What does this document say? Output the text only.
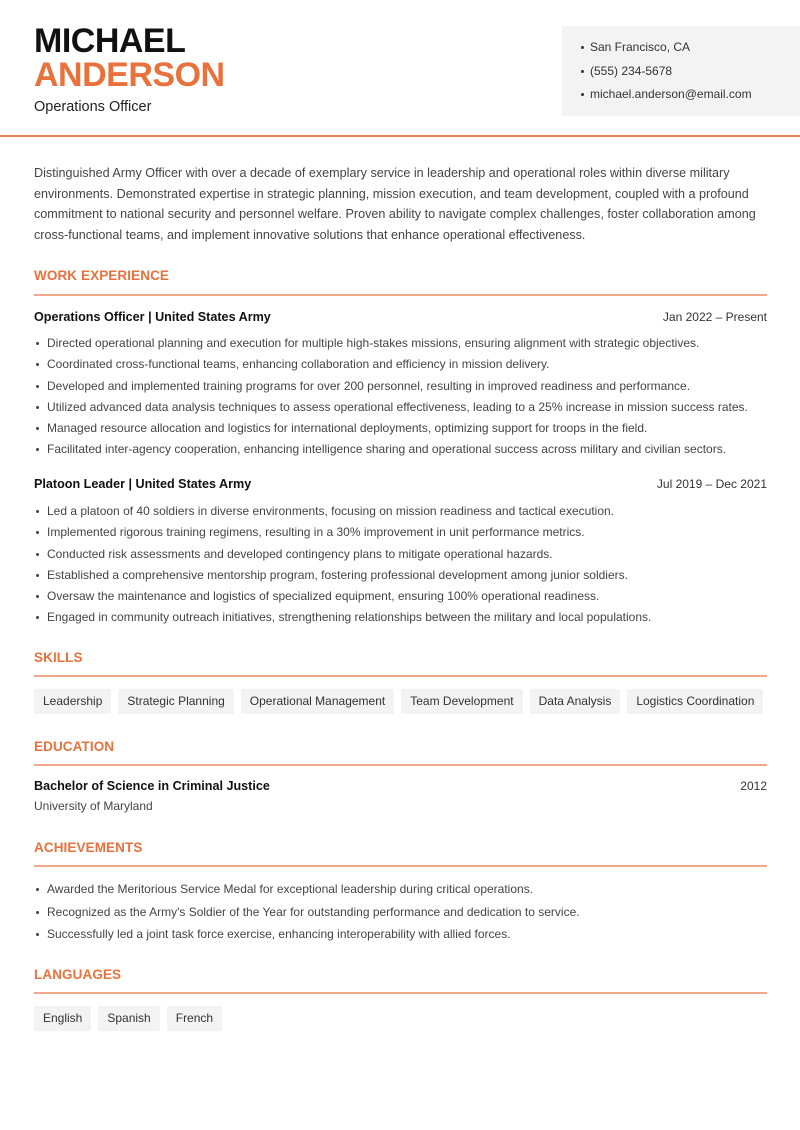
MICHAEL
ANDERSON
Operations Officer
San Francisco, CA
(555) 234-5678
michael.anderson@email.com

Distinguished Army Officer with over a decade of exemplary service in leadership and operational roles within diverse military environments. Demonstrated expertise in strategic planning, mission execution, and team development, coupled with a profound commitment to national security and personnel welfare. Proven ability to navigate complex challenges, foster collaboration among cross-functional teams, and implement innovative solutions that enhance operational effectiveness.

WORK EXPERIENCE
Operations Officer | United States Army	Jan 2022 – Present
Directed operational planning and execution for multiple high-stakes missions, ensuring alignment with strategic objectives.
Coordinated cross-functional teams, enhancing collaboration and efficiency in mission delivery.
Developed and implemented training programs for over 200 personnel, resulting in improved readiness and performance.
Utilized advanced data analysis techniques to assess operational effectiveness, leading to a 25% increase in mission success rates.
Managed resource allocation and logistics for international deployments, optimizing support for troops in the field.
Facilitated inter-agency cooperation, enhancing intelligence sharing and operational success across military and civilian sectors.
Platoon Leader | United States Army	Jul 2019 – Dec 2021
Led a platoon of 40 soldiers in diverse environments, focusing on mission readiness and tactical execution.
Implemented rigorous training regimens, resulting in a 30% improvement in unit performance metrics.
Conducted risk assessments and developed contingency plans to mitigate operational hazards.
Established a comprehensive mentorship program, fostering professional development among junior soldiers.
Oversaw the maintenance and logistics of specialized equipment, ensuring 100% operational readiness.
Engaged in community outreach initiatives, strengthening relationships between the military and local populations.
SKILLS
Leadership	Strategic Planning	Operational Management	Team Development	Data Analysis	Logistics Coordination
EDUCATION
Bachelor of Science in Criminal Justice	2012
University of Maryland
ACHIEVEMENTS
Awarded the Meritorious Service Medal for exceptional leadership during critical operations.
Recognized as the Army's Soldier of the Year for outstanding performance and dedication to service.
Successfully led a joint task force exercise, enhancing interoperability with allied forces.
LANGUAGES
English	Spanish	French
